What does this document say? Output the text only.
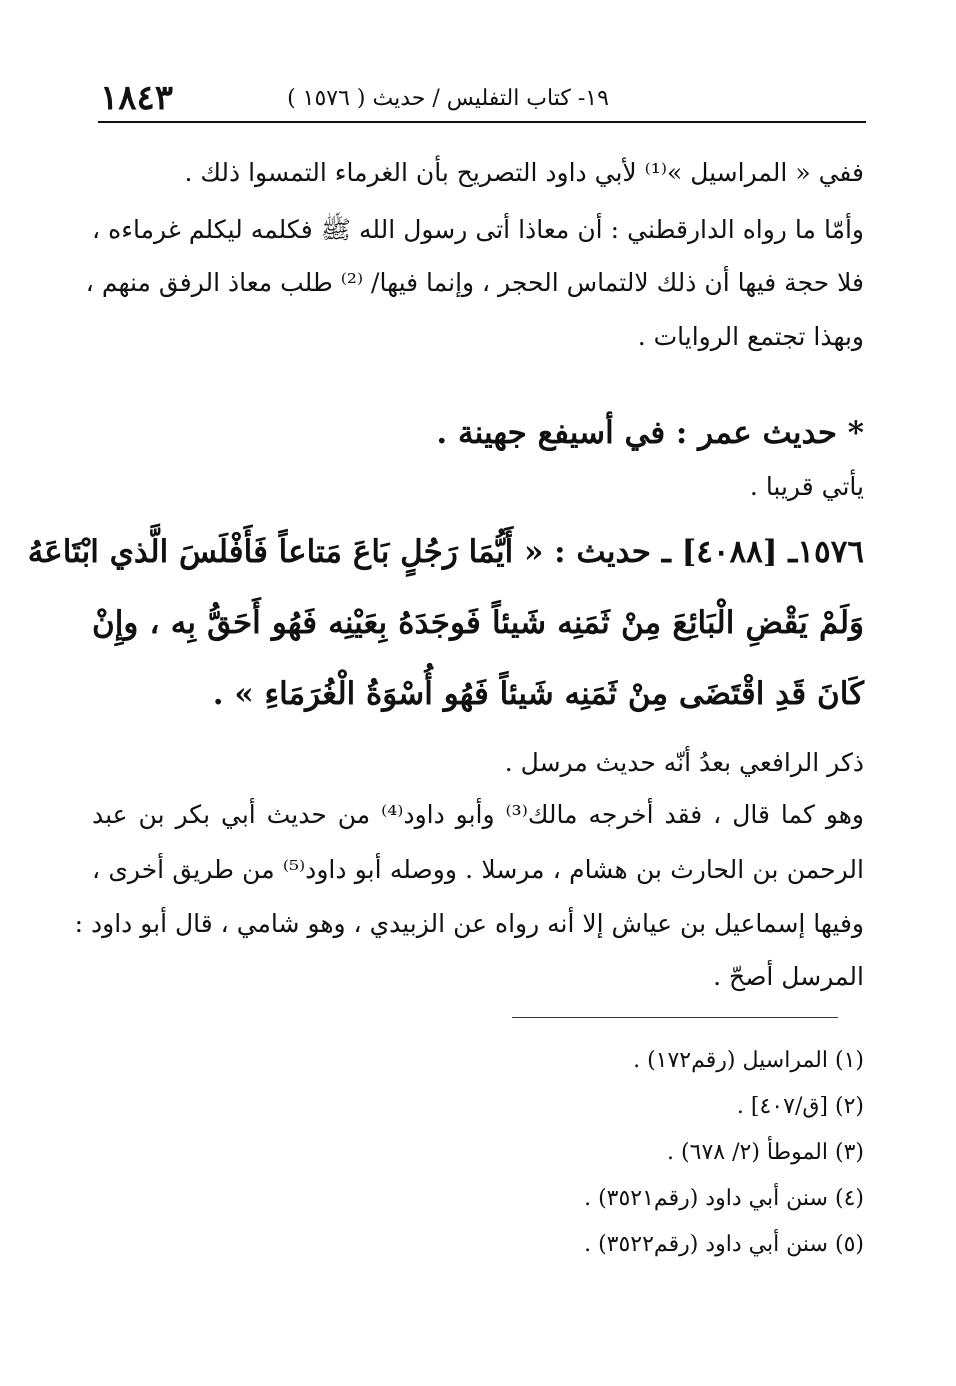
١٨٤٣	١٩- كتاب التفليس / حديث ( ١٥٧٦ )
ففي « المراسيل »⁽¹⁾ لأبي داود التصريح بأن الغرماء التمسوا ذلك .
وأمّا ما رواه الدارقطني : أن معاذا أتى رسول الله ﷺ فكلمه ليكلم غرماءه ،
فلا حجة فيها أن ذلك لالتماس الحجر ، وإنما فيها/ ⁽²⁾ طلب معاذ الرفق منهم ،
وبهذا تجتمع الروايات .
* حديث عمر : في أسيفع جهينة .
يأتي قريبا .
١٥٧٦ـ [٤٠٨٨] ـ حديث : « أَيُّمَا رَجُلٍ بَاعَ مَتاعاً فَأَفْلَسَ الَّذي ابْتَاعَهُ
وَلَمْ يَقْضِ الْبَائِعَ مِنْ ثَمَنِه شَيئاً فَوجَدَهُ بِعَيْنِه فَهُو أَحَقُّ بِه ، وإِنْ
كَانَ قَدِ اقْتَضَى مِنْ ثَمَنِه شَيئاً فَهُو أُسْوَةُ الْغُرَمَاءِ » .
ذكر الرافعي بعدُ أنّه حديث مرسل .
وهو كما قال ، فقد أخرجه مالك⁽³⁾ وأبو داود⁽⁴⁾ من حديث أبي بكر بن عبد
الرحمن بن الحارث بن هشام ، مرسلا . ووصله أبو داود⁽⁵⁾ من طريق أخرى ،
وفيها إسماعيل بن عياش إلا أنه رواه عن الزبيدي ، وهو شامي ، قال أبو داود :
المرسل أصحّ .
(١) المراسيل (رقم١٧٢) .
(٢) [ق/٤٠٧] .
(٣) الموطأ (٢/ ٦٧٨) .
(٤) سنن أبي داود (رقم٣٥٢١) .
(٥) سنن أبي داود (رقم٣٥٢٢) .
